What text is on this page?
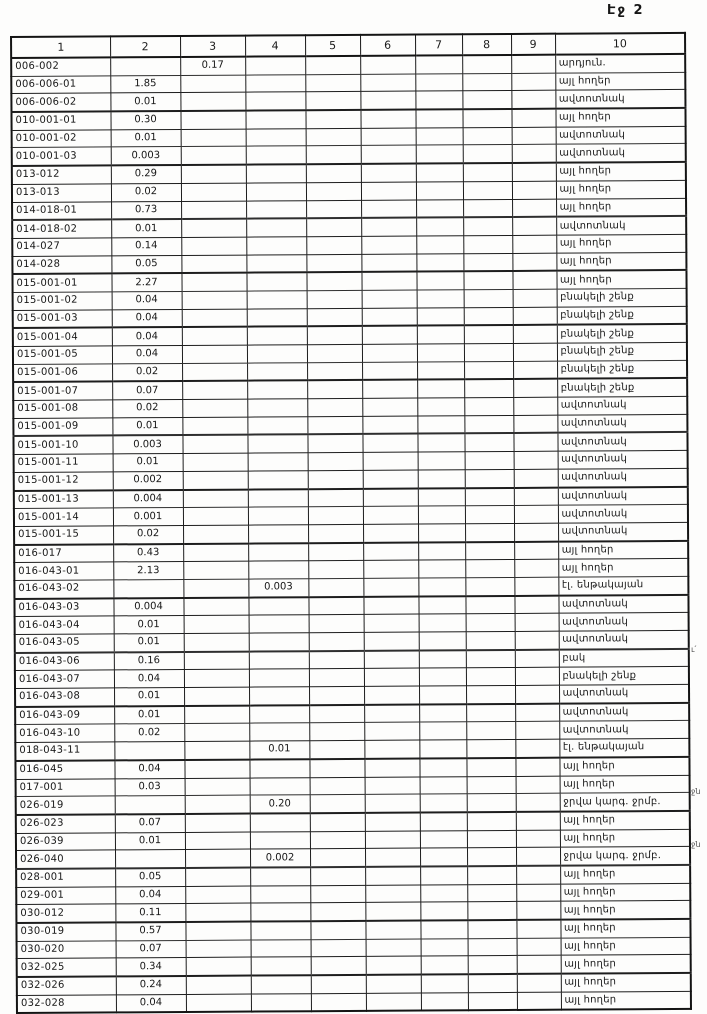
Էջ 2
1	2	3	4	5	6	7	8	9	10
006-002		0.17							արդյուն.
006-006-01	1.85								այլ հողեր
006-006-02	0.01								ավտոտնակ
010-001-01	0.30								այլ հողեր
010-001-02	0.01								ավտոտնակ
010-001-03	0.003								ավտոտնակ
013-012	0.29								այլ հողեր
013-013	0.02								այլ հողեր
014-018-01	0.73								այլ հողեր
014-018-02	0.01								ավտոտնակ
014-027	0.14								այլ հողեր
014-028	0.05								այլ հողեր
015-001-01	2.27								այլ հողեր
015-001-02	0.04								բնակելի շենք
015-001-03	0.04								բնակելի շենք
015-001-04	0.04								բնակելի շենք
015-001-05	0.04								բնակելի շենք
015-001-06	0.02								բնակելի շենք
015-001-07	0.07								բնակելի շենք
015-001-08	0.02								ավտոտնակ
015-001-09	0.01								ավտոտնակ
015-001-10	0.003								ավտոտնակ
015-001-11	0.01								ավտոտնակ
015-001-12	0.002								ավտոտնակ
015-001-13	0.004								ավտոտնակ
015-001-14	0.001								ավտոտնակ
015-001-15	0.02								ավտոտնակ
016-017	0.43								այլ հողեր
016-043-01	2.13								այլ հողեր
016-043-02			0.003						էլ. ենթակայան
016-043-03	0.004								ավտոտնակ
016-043-04	0.01								ավտոտնակ
016-043-05	0.01								ավտոտնակ
016-043-06	0.16								բակ
016-043-07	0.04								բնակելի շենք
016-043-08	0.01								ավտոտնակ
016-043-09	0.01								ավտոտնակ
016-043-10	0.02								ավտոտնակ
018-043-11			0.01						էլ. ենթակայան
016-045	0.04								այլ հողեր
017-001	0.03								այլ հողեր
026-019			0.20						ջրվա կարգ. ջրմբ.
026-023	0.07								այլ հողեր
026-039	0.01								այլ հողեր
026-040			0.002						ջրվա կարգ. ջրմբ.
028-001	0.05								այլ հողեր
029-001	0.04								այլ հողեր
030-012	0.11								այլ հողեր
030-019	0.57								այլ հողեր
030-020	0.07								այլ հողեր
032-025	0.34								այլ հողեր
032-026	0.24								այլ հողեր
032-028	0.04								այլ հողեր
ւ՛
ջն
ջն
